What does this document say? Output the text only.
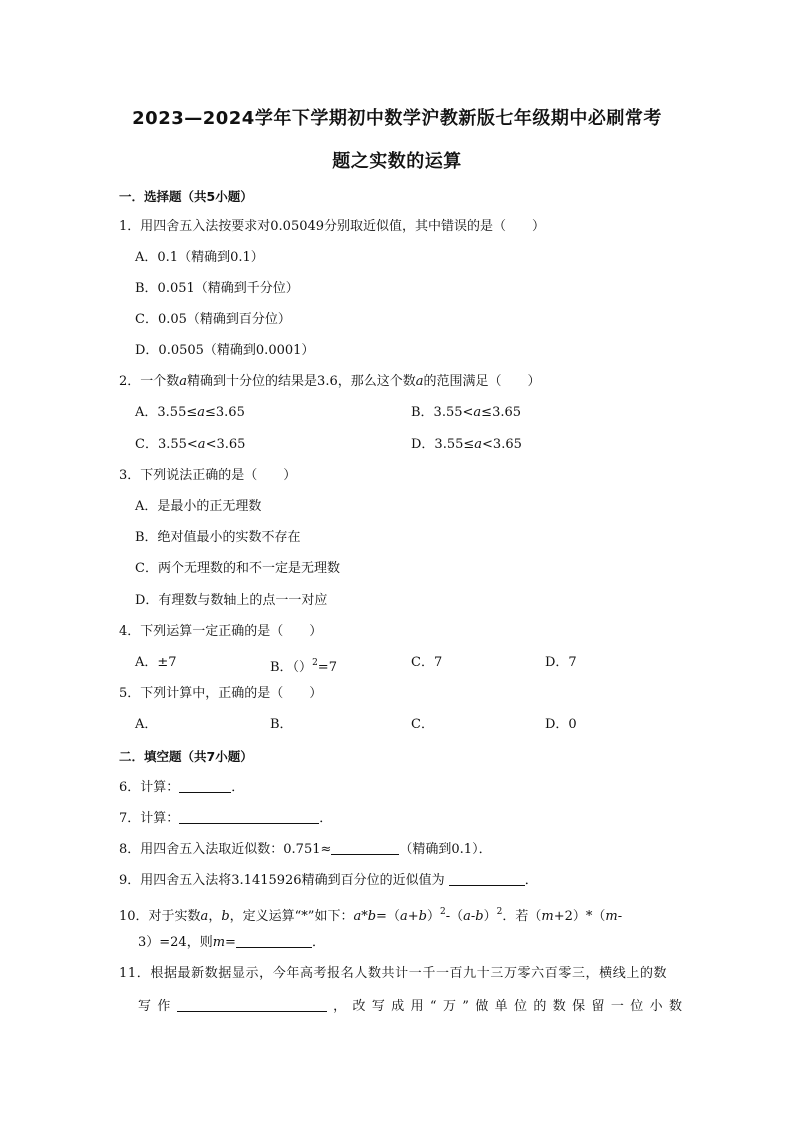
2023—2024学年下学期初中数学沪教新版七年级期中必刷常考
题之实数的运算
一．选择题（共5小题）
1．用四舍五入法按要求对0.05049分别取近似值，其中错误的是（　　）
A．0.1（精确到0.1）
B．0.051（精确到千分位）
C．0.05（精确到百分位）
D．0.0505（精确到0.0001）
2．一个数a精确到十分位的结果是3.6，那么这个数a的范围满足（　　）
A．3.55≤a≤3.65	B．3.55<a≤3.65
C．3.55<a<3.65	D．3.55≤a<3.65
3．下列说法正确的是（　　）
A．是最小的正无理数
B．绝对值最小的实数不存在
C．两个无理数的和不一定是无理数
D．有理数与数轴上的点一一对应
4．下列运算一定正确的是（　　）
A．±7	B．（）$^2$=7	C．7	D．7
5．下列计算中，正确的是（　　）
A．	B．	C．	D．0
二．填空题（共7小题）
6．计算：	．
7．计算：	．
8．用四舍五入法取近似数：0.751≈	（精确到0.1）．
9．用四舍五入法将3.1415926精确到百分位的近似值为	．
10．对于实数a，b，定义运算“*”如下：$a*b=(a+b)^2-(a-b)^2$．若（m+2）*（m-
3）=24，则m=	．
11．根据最新数据显示，今年高考报名人数共计一千一百九十三万零六百零三，横线上的数
写作	，改写成用“万”做单位的数保留一位小数
